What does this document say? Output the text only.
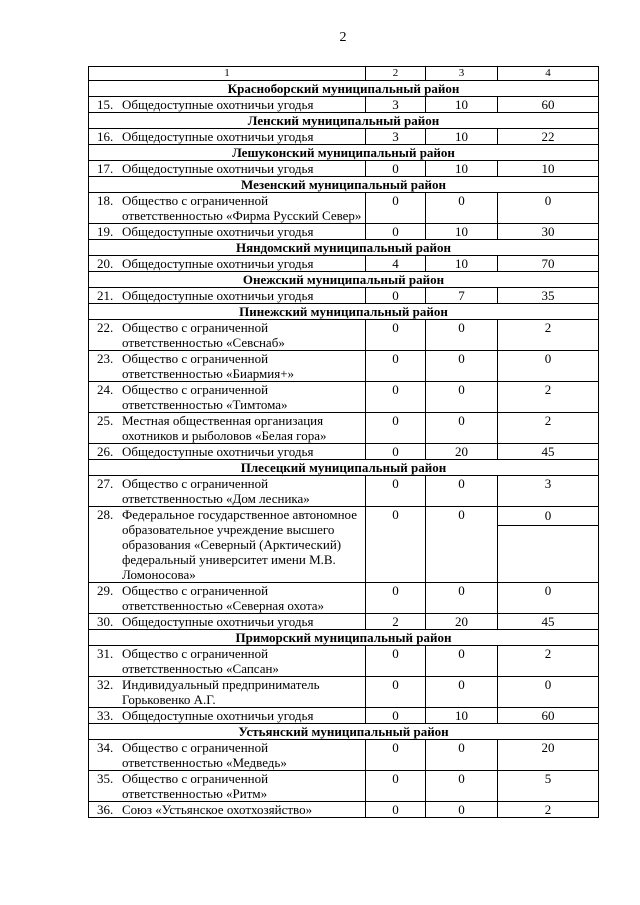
2
1	2	3	4
Красноборский муниципальный район			

15. Общедоступные охотничьи угодья	3	10	60
Ленский муниципальный район			

16. Общедоступные охотничьи угодья	3	10	22
Лешуконский муниципальный район			

17. Общедоступные охотничьи угодья	0	10	10
Мезенский муниципальный район			

18. Общество с ограниченной ответственностью «Фирма Русский Север»	0	0	0

19. Общедоступные охотничьи угодья	0	10	30
Няндомский муниципальный район			

20. Общедоступные охотничьи угодья	4	10	70
Онежский муниципальный район			

21. Общедоступные охотничьи угодья	0	7	35
Пинежский муниципальный район			

22. Общество с ограниченной ответственностью «Севснаб»	0	0	2

23. Общество с ограниченной ответственностью «Биармия+»	0	0	0

24. Общество с ограниченной ответственностью «Тимтома»	0	0	2

25. Местная общественная организация охотников и рыболовов «Белая гора»	0	0	2

26. Общедоступные охотничьи угодья	0	20	45
Плесецкий муниципальный район			

27. Общество с ограниченной ответственностью «Дом лесника»	0	0	3

28. Федеральное государственное автономное образовательное учреждение высшего образования «Северный (Арктический) федеральный университет имени М.В. Ломоносова»	0	0	0

29. Общество с ограниченной ответственностью «Северная охота»	0	0	0

30. Общедоступные охотничьи угодья	2	20	45
Приморский муниципальный район			

31. Общество с ограниченной ответственностью «Сапсан»	0	0	2

32. Индивидуальный предприниматель Горьковенко А.Г.	0	0	0

33. Общедоступные охотничьи угодья	0	10	60
Устьянский муниципальный район			

34. Общество с ограниченной ответственностью «Медведь»	0	0	20

35. Общество с ограниченной ответственностью «Ритм»	0	0	5

36. Союз «Устьянское охотхозяйство»	0	0	2
